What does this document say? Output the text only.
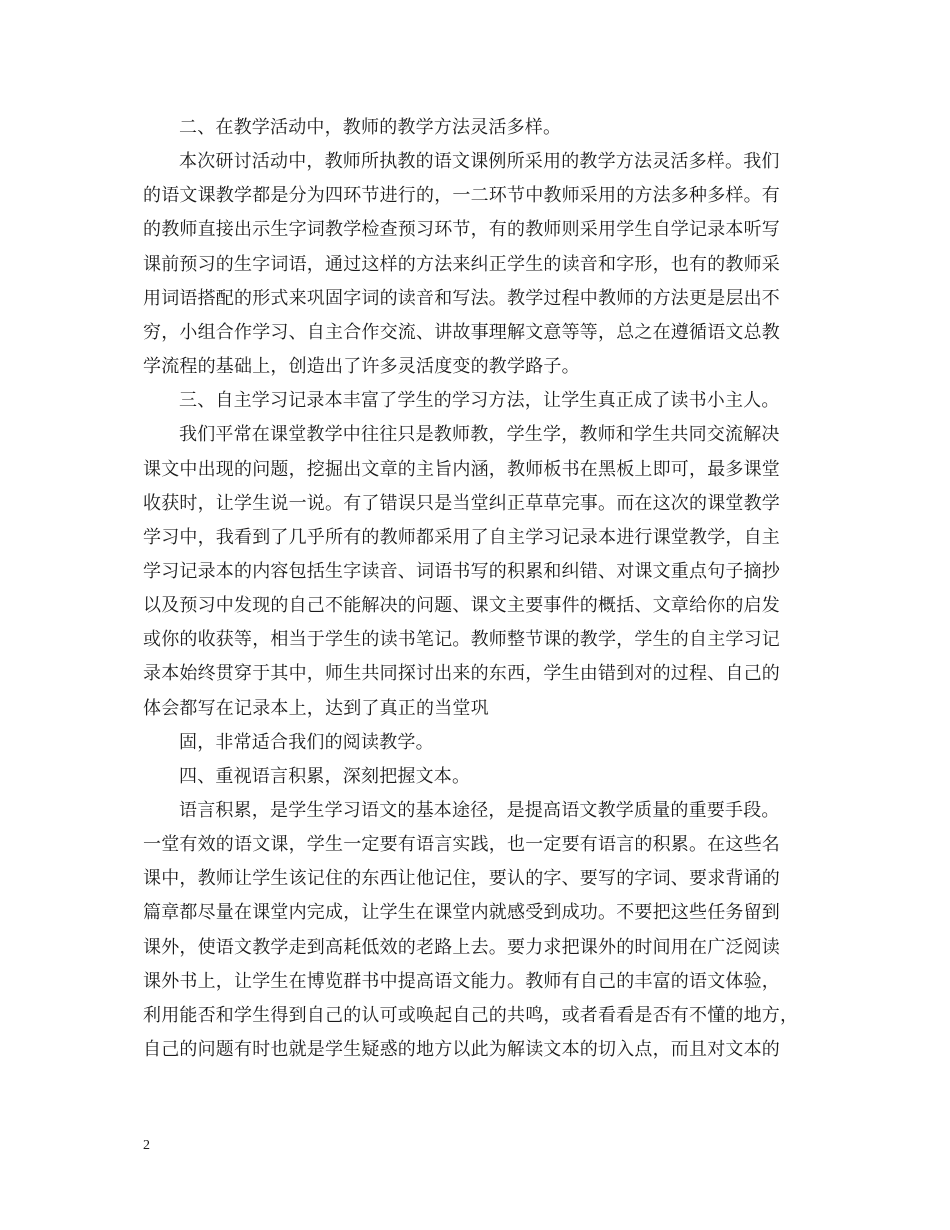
二、在教学活动中，教师的教学方法灵活多样。
本次研讨活动中，教师所执教的语文课例所采用的教学方法灵活多样。我们
的语文课教学都是分为四环节进行的，一二环节中教师采用的方法多种多样。有
的教师直接出示生字词教学检查预习环节，有的教师则采用学生自学记录本听写
课前预习的生字词语，通过这样的方法来纠正学生的读音和字形，也有的教师采
用词语搭配的形式来巩固字词的读音和写法。教学过程中教师的方法更是层出不
穷，小组合作学习、自主合作交流、讲故事理解文意等等，总之在遵循语文总教
学流程的基础上，创造出了许多灵活度变的教学路子。
三、自主学习记录本丰富了学生的学习方法，让学生真正成了读书小主人。
我们平常在课堂教学中往往只是教师教，学生学，教师和学生共同交流解决
课文中出现的问题，挖掘出文章的主旨内涵，教师板书在黑板上即可，最多课堂
收获时，让学生说一说。有了错误只是当堂纠正草草完事。而在这次的课堂教学
学习中，我看到了几乎所有的教师都采用了自主学习记录本进行课堂教学，自主
学习记录本的内容包括生字读音、词语书写的积累和纠错、对课文重点句子摘抄
以及预习中发现的自己不能解决的问题、课文主要事件的概括、文章给你的启发
或你的收获等，相当于学生的读书笔记。教师整节课的教学，学生的自主学习记
录本始终贯穿于其中，师生共同探讨出来的东西，学生由错到对的过程、自己的
体会都写在记录本上，达到了真正的当堂巩
固，非常适合我们的阅读教学。
四、重视语言积累，深刻把握文本。
语言积累，是学生学习语文的基本途径，是提高语文教学质量的重要手段。
一堂有效的语文课，学生一定要有语言实践，也一定要有语言的积累。在这些名
课中，教师让学生该记住的东西让他记住，要认的字、要写的字词、要求背诵的
篇章都尽量在课堂内完成，让学生在课堂内就感受到成功。不要把这些任务留到
课外，使语文教学走到高耗低效的老路上去。要力求把课外的时间用在广泛阅读
课外书上，让学生在博览群书中提高语文能力。教师有自己的丰富的语文体验，
利用能否和学生得到自己的认可或唤起自己的共鸣，或者看看是否有不懂的地方，
自己的问题有时也就是学生疑惑的地方以此为解读文本的切入点，而且对文本的
2
